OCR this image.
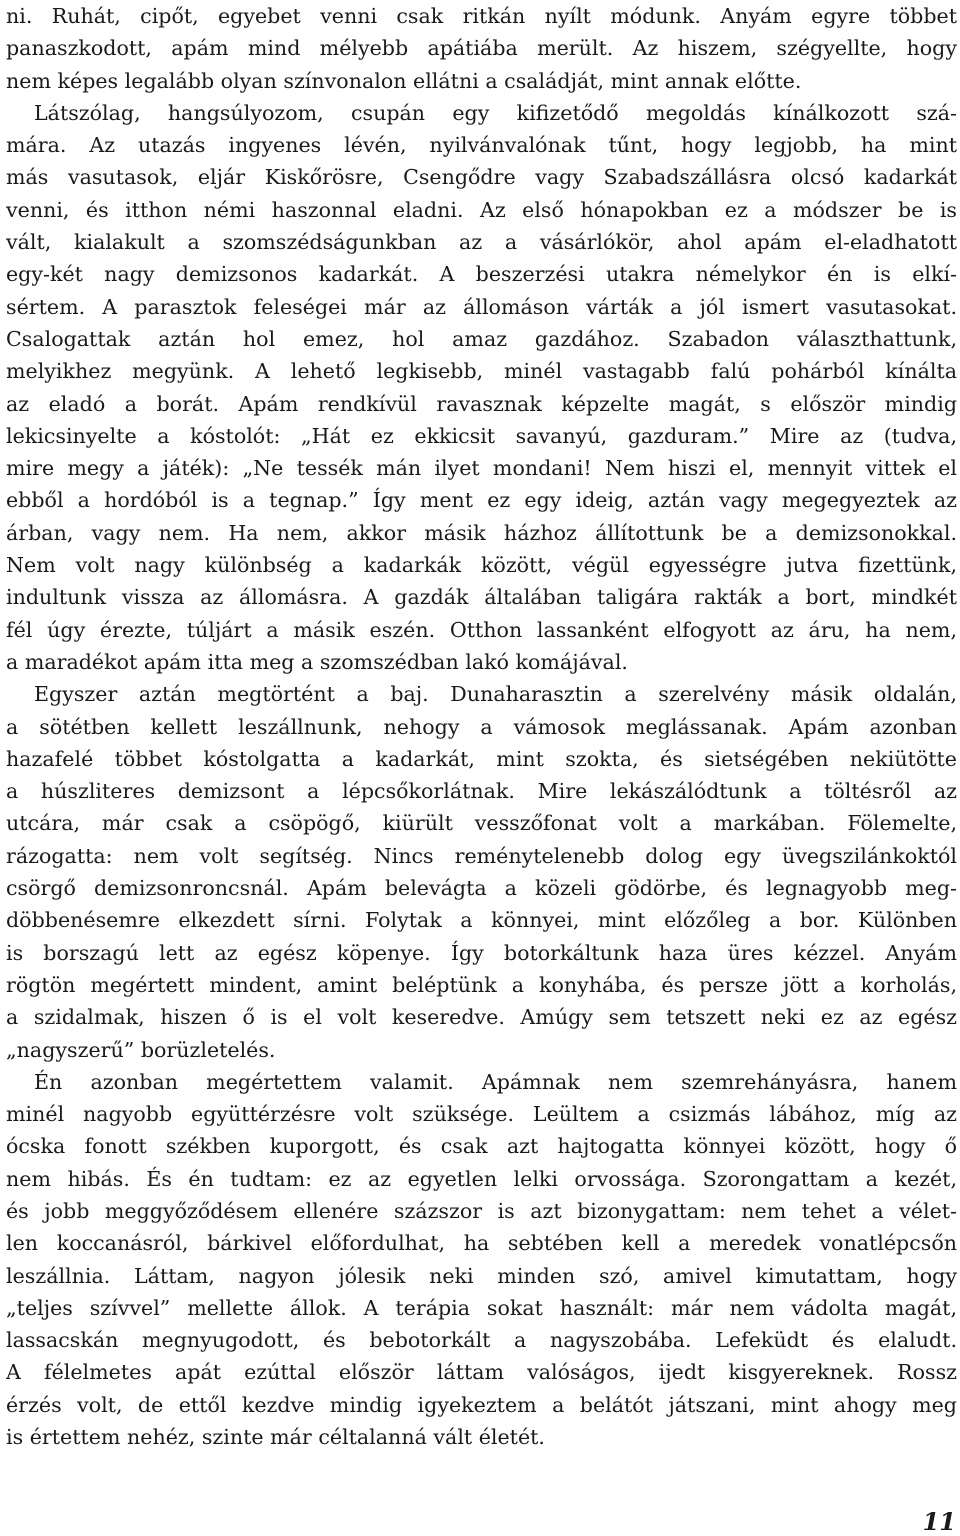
ni. Ruhát, cipőt, egyebet venni csak ritkán nyílt módunk. Anyám egyre többet
panaszkodott, apám mind mélyebb apátiába merült. Az hiszem, szégyellte, hogy
nem képes legalább olyan színvonalon ellátni a családját, mint annak előtte.
Látszólag, hangsúlyozom, csupán egy kifizetődő megoldás kínálkozott szá-
mára. Az utazás ingyenes lévén, nyilvánvalónak tűnt, hogy legjobb, ha mint
más vasutasok, eljár Kiskőrösre, Csengődre vagy Szabadszállásra olcsó kadarkát
venni, és itthon némi haszonnal eladni. Az első hónapokban ez a módszer be is
vált, kialakult a szomszédságunkban az a vásárlókör, ahol apám el-eladhatott
egy-két nagy demizsonos kadarkát. A beszerzési utakra némelykor én is elkí-
sértem. A parasztok feleségei már az állomáson várták a jól ismert vasutasokat.
Csalogattak aztán hol emez, hol amaz gazdához. Szabadon választhattunk,
melyikhez megyünk. A lehető legkisebb, minél vastagabb falú pohárból kínálta
az eladó a borát. Apám rendkívül ravasznak képzelte magát, s először mindig
lekicsinyelte a kóstolót: „Hát ez ekkicsit savanyú, gazduram.” Mire az (tudva,
mire megy a játék): „Ne tessék mán ilyet mondani! Nem hiszi el, mennyit vittek el
ebből a hordóból is a tegnap.” Így ment ez egy ideig, aztán vagy megegyeztek az
árban, vagy nem. Ha nem, akkor másik házhoz állítottunk be a demizsonokkal.
Nem volt nagy különbség a kadarkák között, végül egyességre jutva fizettünk,
indultunk vissza az állomásra. A gazdák általában taligára rakták a bort, mindkét
fél úgy érezte, túljárt a másik eszén. Otthon lassanként elfogyott az áru, ha nem,
a maradékot apám itta meg a szomszédban lakó komájával.
Egyszer aztán megtörtént a baj. Dunaharasztin a szerelvény másik oldalán,
a sötétben kellett leszállnunk, nehogy a vámosok meglássanak. Apám azonban
hazafelé többet kóstolgatta a kadarkát, mint szokta, és sietségében nekiütötte
a húszliteres demizsont a lépcsőkorlátnak. Mire lekászálódtunk a töltésről az
utcára, már csak a csöpögő, kiürült vesszőfonat volt a markában. Fölemelte,
rázogatta: nem volt segítség. Nincs reménytelenebb dolog egy üvegszilánkoktól
csörgő demizsonroncsnál. Apám belevágta a közeli gödörbe, és legnagyobb meg-
döbbenésemre elkezdett sírni. Folytak a könnyei, mint előzőleg a bor. Különben
is borszagú lett az egész köpenye. Így botorkáltunk haza üres kézzel. Anyám
rögtön megértett mindent, amint beléptünk a konyhába, és persze jött a korholás,
a szidalmak, hiszen ő is el volt keseredve. Amúgy sem tetszett neki ez az egész
„nagyszerű” borüzletelés.
Én azonban megértettem valamit. Apámnak nem szemrehányásra, hanem
minél nagyobb együttérzésre volt szüksége. Leültem a csizmás lábához, míg az
ócska fonott székben kuporgott, és csak azt hajtogatta könnyei között, hogy ő
nem hibás. És én tudtam: ez az egyetlen lelki orvossága. Szorongattam a kezét,
és jobb meggyőződésem ellenére százszor is azt bizonygattam: nem tehet a vélet-
len koccanásról, bárkivel előfordulhat, ha sebtében kell a meredek vonatlépcsőn
leszállnia. Láttam, nagyon jólesik neki minden szó, amivel kimutattam, hogy
„teljes szívvel” mellette állok. A terápia sokat használt: már nem vádolta magát,
lassacskán megnyugodott, és bebotorkált a nagyszobába. Lefeküdt és elaludt.
A félelmetes apát ezúttal először láttam valóságos, ijedt kisgyereknek. Rossz
érzés volt, de ettől kezdve mindig igyekeztem a belátót játszani, mint ahogy meg
is értettem nehéz, szinte már céltalanná vált életét.
11
